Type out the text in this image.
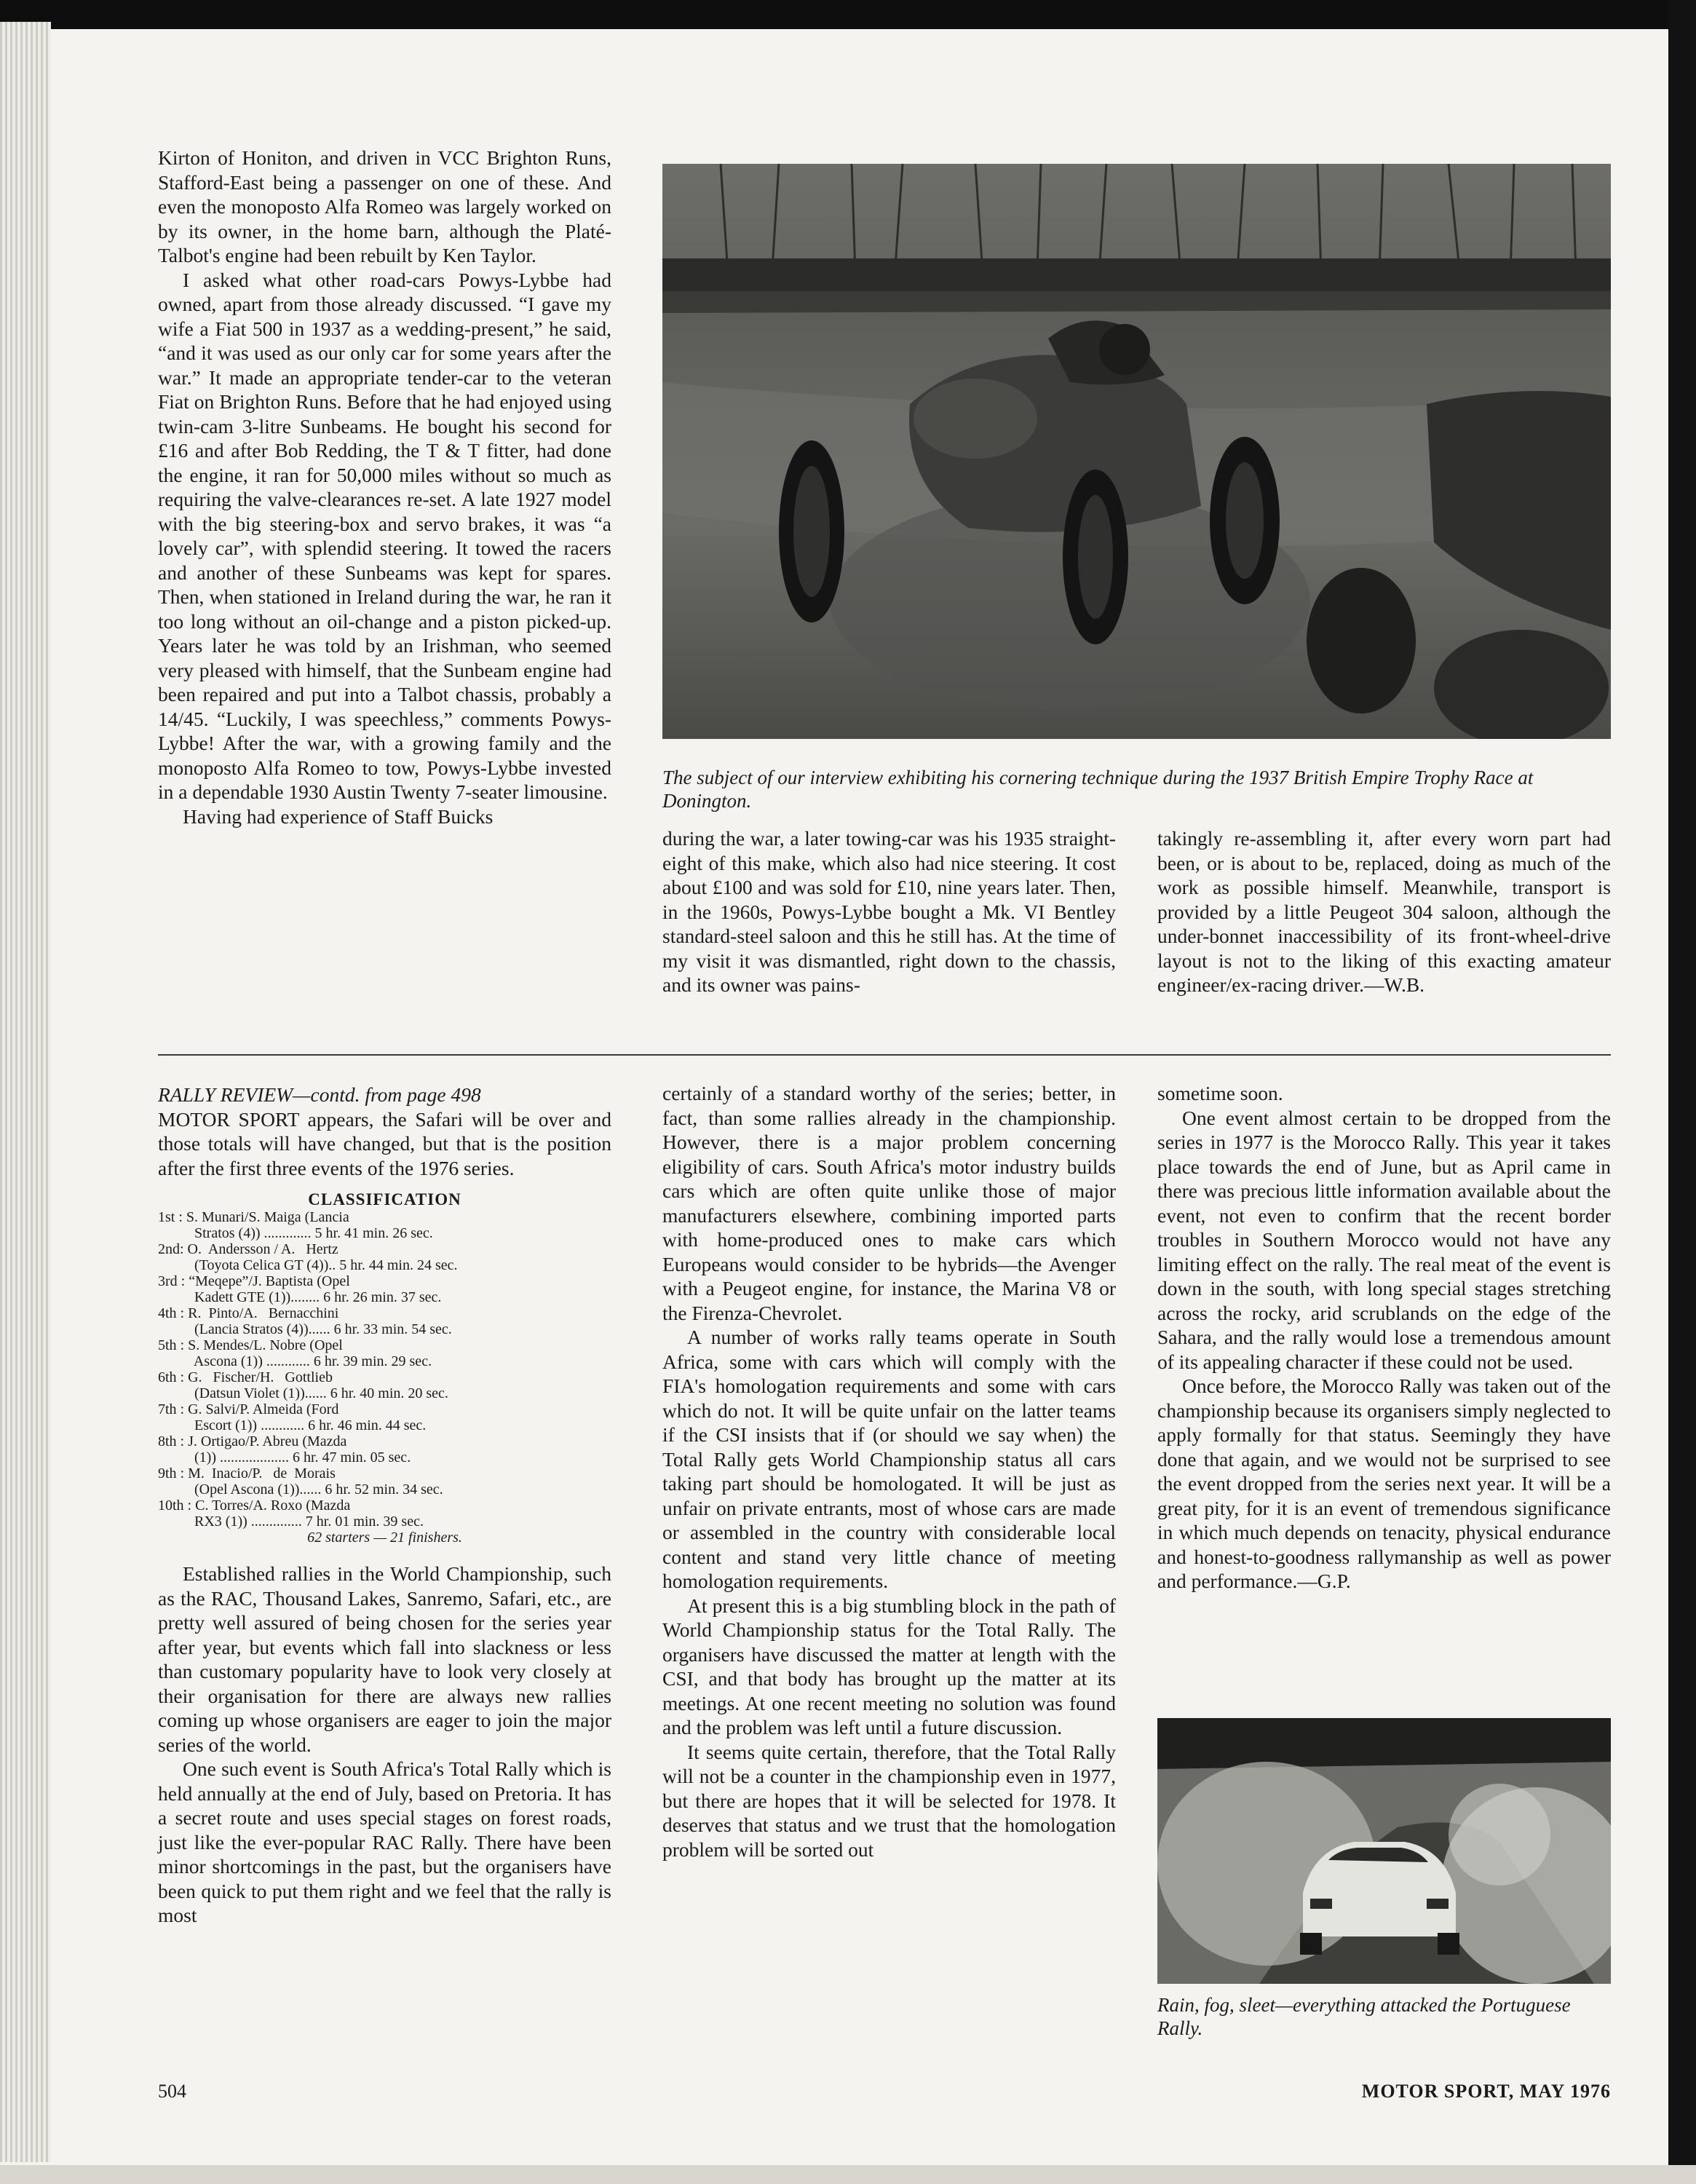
Kirton of Honiton, and driven in VCC Brighton Runs, Stafford-East being a passenger on one of these. And even the monoposto Alfa Romeo was largely worked on by its owner, in the home barn, although the Platé-Talbot's engine had been rebuilt by Ken Taylor.

I asked what other road-cars Powys-Lybbe had owned, apart from those already discussed. “I gave my wife a Fiat 500 in 1937 as a wedding-present,” he said, “and it was used as our only car for some years after the war.” It made an appropriate tender-car to the veteran Fiat on Brighton Runs. Before that he had enjoyed using twin-cam 3-litre Sunbeams. He bought his second for £16 and after Bob Redding, the T & T fitter, had done the engine, it ran for 50,000 miles without so much as requiring the valve-clearances re-set. A late 1927 model with the big steering-box and servo brakes, it was “a lovely car”, with splendid steering. It towed the racers and another of these Sunbeams was kept for spares. Then, when stationed in Ireland during the war, he ran it too long without an oil-change and a piston picked-up. Years later he was told by an Irishman, who seemed very pleased with himself, that the Sunbeam engine had been repaired and put into a Talbot chassis, probably a 14/45. “Luckily, I was speechless,” comments Powys-Lybbe! After the war, with a growing family and the monoposto Alfa Romeo to tow, Powys-Lybbe invested in a dependable 1930 Austin Twenty 7-seater limousine.

Having had experience of Staff Buicks

The subject of our interview exhibiting his cornering technique during the 1937 British Empire Trophy Race at Donington.

during the war, a later towing-car was his 1935 straight-eight of this make, which also had nice steering. It cost about £100 and was sold for £10, nine years later. Then, in the 1960s, Powys-Lybbe bought a Mk. VI Bentley standard-steel saloon and this he still has. At the time of my visit it was dismantled, right down to the chassis, and its owner was pains-

takingly re-assembling it, after every worn part had been, or is about to be, replaced, doing as much of the work as possible himself. Meanwhile, transport is provided by a little Peugeot 304 saloon, although the under-bonnet inaccessibility of its front-wheel-drive layout is not to the liking of this exacting amateur engineer/ex-racing driver.—W.B.

RALLY REVIEW—contd. from page 498

MOTOR SPORT appears, the Safari will be over and those totals will have changed, but that is the position after the first three events of the 1976 series.

CLASSIFICATION
1st : S. Munari/S. Maiga (Lancia
Stratos (4)) ............. 5 hr. 41 min. 26 sec.
2nd: O.  Andersson / A.   Hertz
(Toyota Celica GT (4)).. 5 hr. 44 min. 24 sec.
3rd : “Meqepe”/J. Baptista (Opel
Kadett GTE (1))........ 6 hr. 26 min. 37 sec.
4th : R.  Pinto/A.   Bernacchini
(Lancia Stratos (4))...... 6 hr. 33 min. 54 sec.
5th : S. Mendes/L. Nobre (Opel
Ascona (1)) ............ 6 hr. 39 min. 29 sec.
6th : G.   Fischer/H.   Gottlieb
(Datsun Violet (1))...... 6 hr. 40 min. 20 sec.
7th : G. Salvi/P. Almeida (Ford
Escort (1)) ............ 6 hr. 46 min. 44 sec.
8th : J. Ortigao/P. Abreu (Mazda
(1)) ................... 6 hr. 47 min. 05 sec.
9th : M.  Inacio/P.   de  Morais
(Opel Ascona (1))...... 6 hr. 52 min. 34 sec.
10th : C. Torres/A. Roxo (Mazda
RX3 (1)) .............. 7 hr. 01 min. 39 sec.
62 starters — 21 finishers.

Established rallies in the World Championship, such as the RAC, Thousand Lakes, Sanremo, Safari, etc., are pretty well assured of being chosen for the series year after year, but events which fall into slackness or less than customary popularity have to look very closely at their organisation for there are always new rallies coming up whose organisers are eager to join the major series of the world.

One such event is South Africa's Total Rally which is held annually at the end of July, based on Pretoria. It has a secret route and uses special stages on forest roads, just like the ever-popular RAC Rally. There have been minor shortcomings in the past, but the organisers have been quick to put them right and we feel that the rally is most

certainly of a standard worthy of the series; better, in fact, than some rallies already in the championship. However, there is a major problem concerning eligibility of cars. South Africa's motor industry builds cars which are often quite unlike those of major manufacturers elsewhere, combining imported parts with home-produced ones to make cars which Europeans would consider to be hybrids—the Avenger with a Peugeot engine, for instance, the Marina V8 or the Firenza-Chevrolet.

A number of works rally teams operate in South Africa, some with cars which will comply with the FIA's homologation requirements and some with cars which do not. It will be quite unfair on the latter teams if the CSI insists that if (or should we say when) the Total Rally gets World Championship status all cars taking part should be homologated. It will be just as unfair on private entrants, most of whose cars are made or assembled in the country with considerable local content and stand very little chance of meeting homologation requirements.

At present this is a big stumbling block in the path of World Championship status for the Total Rally. The organisers have discussed the matter at length with the CSI, and that body has brought up the matter at its meetings. At one recent meeting no solution was found and the problem was left until a future discussion.

It seems quite certain, therefore, that the Total Rally will not be a counter in the championship even in 1977, but there are hopes that it will be selected for 1978. It deserves that status and we trust that the homologation problem will be sorted out

sometime soon.

One event almost certain to be dropped from the series in 1977 is the Morocco Rally. This year it takes place towards the end of June, but as April came in there was precious little information available about the event, not even to confirm that the recent border troubles in Southern Morocco would not have any limiting effect on the rally. The real meat of the event is down in the south, with long special stages stretching across the rocky, arid scrublands on the edge of the Sahara, and the rally would lose a tremendous amount of its appealing character if these could not be used.

Once before, the Morocco Rally was taken out of the championship because its organisers simply neglected to apply formally for that status. Seemingly they have done that again, and we would not be surprised to see the event dropped from the series next year. It will be a great pity, for it is an event of tremendous significance in which much depends on tenacity, physical endurance and honest-to-goodness rallymanship as well as power and performance.—G.P.

Rain, fog, sleet—everything attacked the Portuguese Rally.
504	MOTOR SPORT, MAY 1976
